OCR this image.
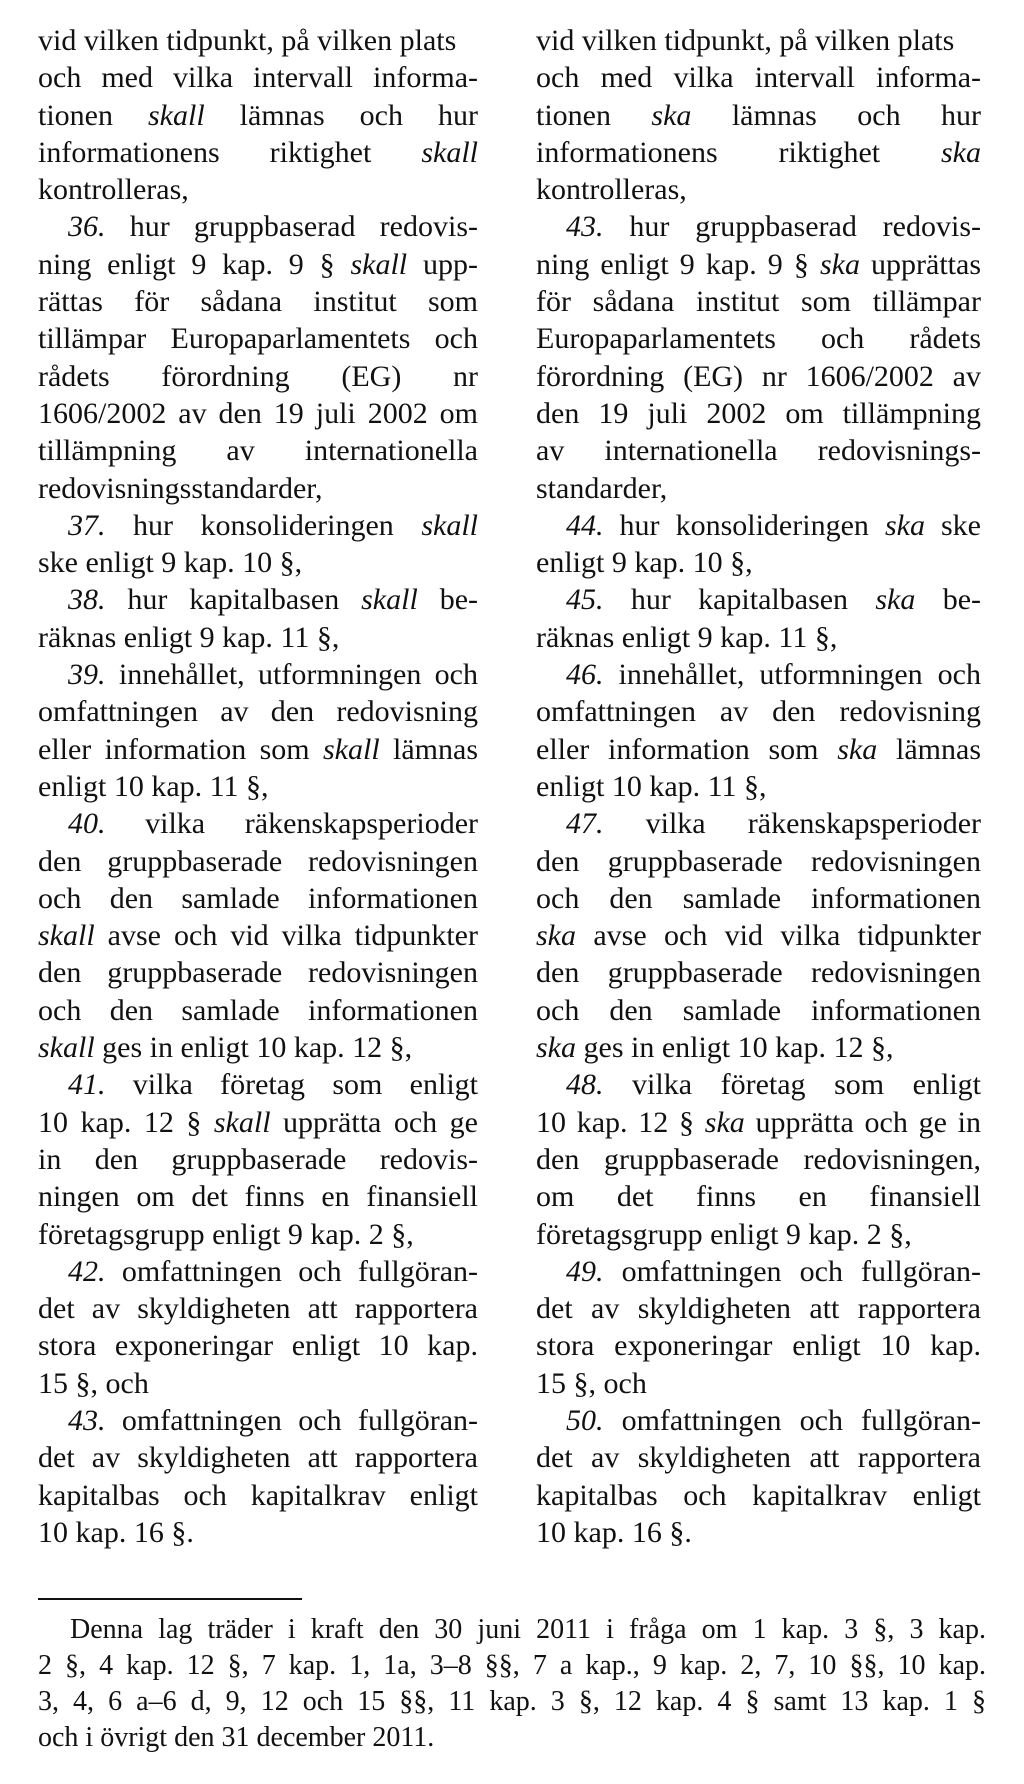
vid vilken tidpunkt, på vilken plats
och med vilka intervall informa-
tionen skall lämnas och hur
informationens riktighet skall
kontrolleras,
36. hur gruppbaserad redovis-
ning enligt 9 kap. 9 § skall upp-
rättas för sådana institut som
tillämpar Europaparlamentets och
rådets förordning (EG) nr
1606/2002 av den 19 juli 2002 om
tillämpning av internationella
redovisningsstandarder,
37. hur konsolideringen skall
ske enligt 9 kap. 10 §,
38. hur kapitalbasen skall be-
räknas enligt 9 kap. 11 §,
39. innehållet, utformningen och
omfattningen av den redovisning
eller information som skall lämnas
enligt 10 kap. 11 §,
40. vilka räkenskapsperioder
den gruppbaserade redovisningen
och den samlade informationen
skall avse och vid vilka tidpunkter
den gruppbaserade redovisningen
och den samlade informationen
skall ges in enligt 10 kap. 12 §,
41. vilka företag som enligt
10 kap. 12 § skall upprätta och ge
in den gruppbaserade redovis-
ningen om det finns en finansiell
företagsgrupp enligt 9 kap. 2 §,
42. omfattningen och fullgöran-
det av skyldigheten att rapportera
stora exponeringar enligt 10 kap.
15 §, och
43. omfattningen och fullgöran-
det av skyldigheten att rapportera
kapitalbas och kapitalkrav enligt
10 kap. 16 §.
vid vilken tidpunkt, på vilken plats
och med vilka intervall informa-
tionen ska lämnas och hur
informationens riktighet ska
kontrolleras,
43. hur gruppbaserad redovis-
ning enligt 9 kap. 9 § ska upprättas
för sådana institut som tillämpar
Europaparlamentets och rådets
förordning (EG) nr 1606/2002 av
den 19 juli 2002 om tillämpning
av internationella redovisnings-
standarder,
44. hur konsolideringen ska ske
enligt 9 kap. 10 §,
45. hur kapitalbasen ska be-
räknas enligt 9 kap. 11 §,
46. innehållet, utformningen och
omfattningen av den redovisning
eller information som ska lämnas
enligt 10 kap. 11 §,
47. vilka räkenskapsperioder
den gruppbaserade redovisningen
och den samlade informationen
ska avse och vid vilka tidpunkter
den gruppbaserade redovisningen
och den samlade informationen
ska ges in enligt 10 kap. 12 §,
48. vilka företag som enligt
10 kap. 12 § ska upprätta och ge in
den gruppbaserade redovisningen,
om det finns en finansiell
företagsgrupp enligt 9 kap. 2 §,
49. omfattningen och fullgöran-
det av skyldigheten att rapportera
stora exponeringar enligt 10 kap.
15 §, och
50. omfattningen och fullgöran-
det av skyldigheten att rapportera
kapitalbas och kapitalkrav enligt
10 kap. 16 §.
Denna lag träder i kraft den 30 juni 2011 i fråga om 1 kap. 3 §, 3 kap.
2 §, 4 kap. 12 §, 7 kap. 1, 1a, 3–8 §§, 7 a kap., 9 kap. 2, 7, 10 §§, 10 kap.
3, 4, 6 a–6 d, 9, 12 och 15 §§, 11 kap. 3 §, 12 kap. 4 § samt 13 kap. 1 §
och i övrigt den 31 december 2011.
